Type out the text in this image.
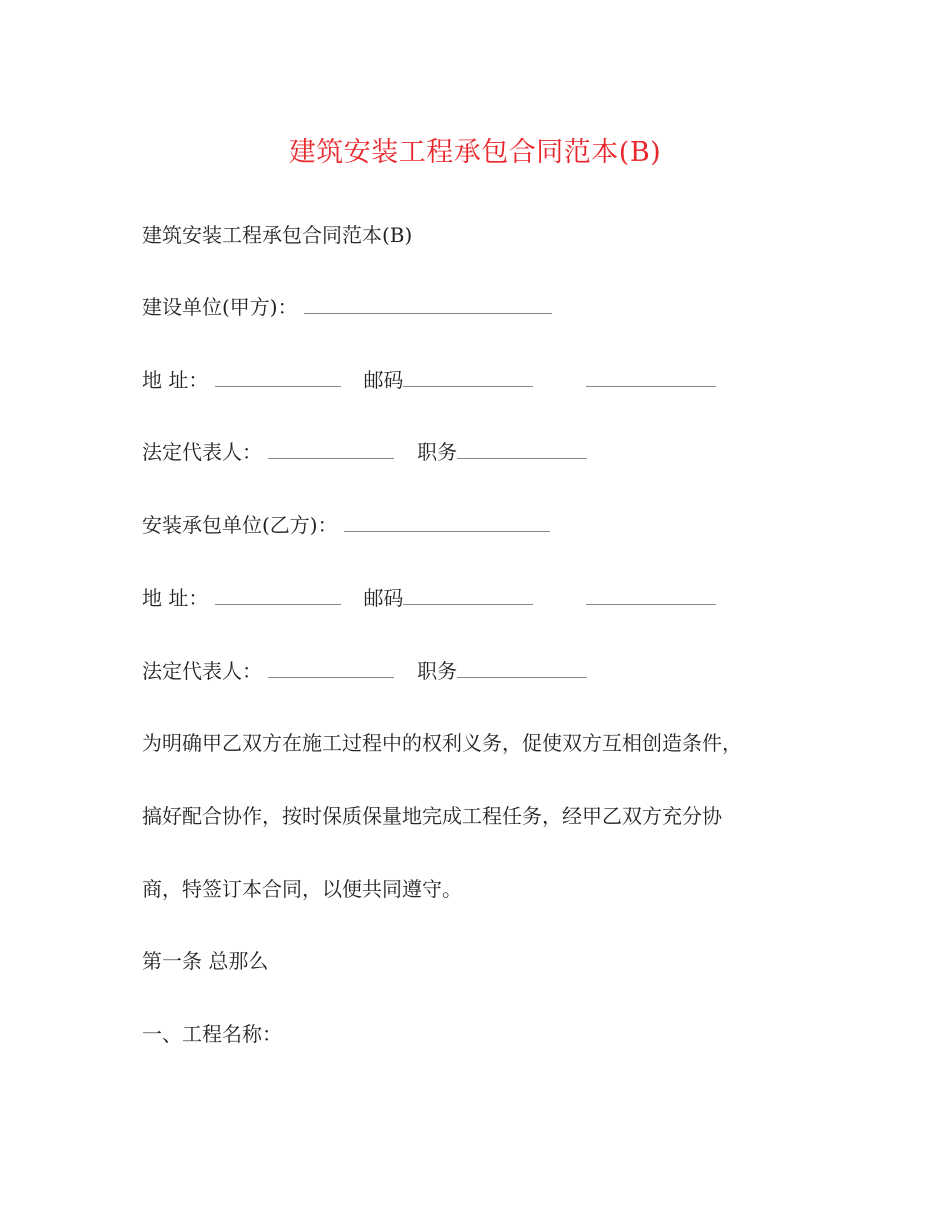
建筑安装工程承包合同范本(B)
建筑安装工程承包合同范本(B)
建设单位(甲方)：
地 址：	邮码
法定代表人：	职务
安装承包单位(乙方)：
地 址：	邮码
法定代表人：	职务
为明确甲乙双方在施工过程中的权利义务，促使双方互相创造条件，
搞好配合协作，按时保质保量地完成工程任务，经甲乙双方充分协
商，特签订本合同，以便共同遵守。
第一条 总那么
一、工程名称：
